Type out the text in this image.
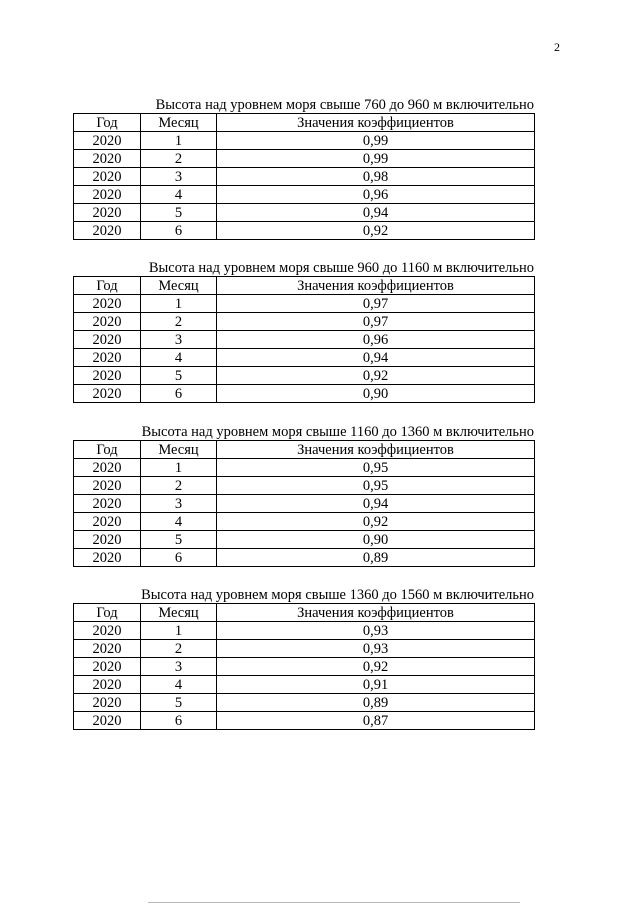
2
Высота над уровнем моря свыше 760 до 960 м включительно
Год	Месяц	Значения коэффициентов
2020	1	0,99
2020	2	0,99
2020	3	0,98
2020	4	0,96
2020	5	0,94
2020	6	0,92
Высота над уровнем моря свыше 960 до 1160 м включительно
Год	Месяц	Значения коэффициентов
2020	1	0,97
2020	2	0,97
2020	3	0,96
2020	4	0,94
2020	5	0,92
2020	6	0,90
Высота над уровнем моря свыше 1160 до 1360 м включительно
Год	Месяц	Значения коэффициентов
2020	1	0,95
2020	2	0,95
2020	3	0,94
2020	4	0,92
2020	5	0,90
2020	6	0,89
Высота над уровнем моря свыше 1360 до 1560 м включительно
Год	Месяц	Значения коэффициентов
2020	1	0,93
2020	2	0,93
2020	3	0,92
2020	4	0,91
2020	5	0,89
2020	6	0,87
